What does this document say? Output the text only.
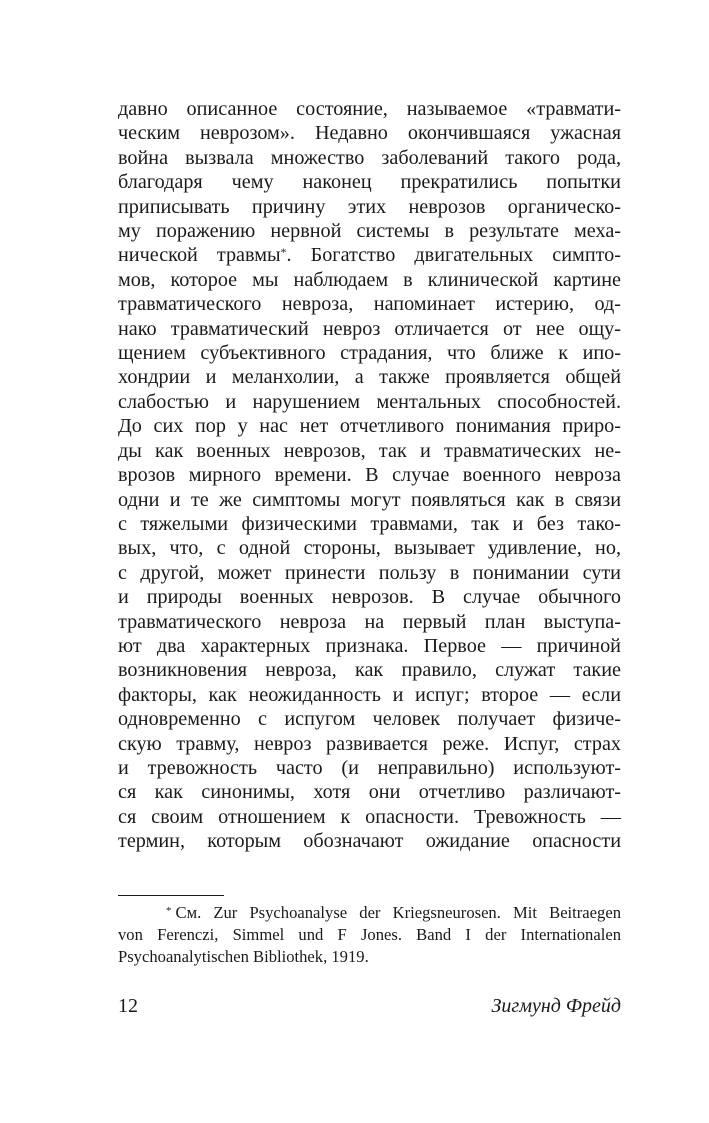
давно описанное состояние, называемое «травмати-
ческим неврозом». Недавно окончившаяся ужасная
война вызвала множество заболеваний такого рода,
благодаря чему наконец прекратились попытки
приписывать причину этих неврозов органическо-
му поражению нервной системы в результате меха-
нической травмы*. Богатство двигательных симпто-
мов, которое мы наблюдаем в клинической картине
травматического невроза, напоминает истерию, од-
нако травматический невроз отличается от нее ощу-
щением субъективного страдания, что ближе к ипо-
хондрии и меланхолии, а также проявляется общей
слабостью и нарушением ментальных способностей.
До сих пор у нас нет отчетливого понимания приро-
ды как военных неврозов, так и травматических не-
врозов мирного времени. В случае военного невроза
одни и те же симптомы могут появляться как в связи
с тяжелыми физическими травмами, так и без тако-
вых, что, с одной стороны, вызывает удивление, но,
с другой, может принести пользу в понимании сути
и природы военных неврозов. В случае обычного
травматического невроза на первый план выступа-
ют два характерных признака. Первое — причиной
возникновения невроза, как правило, служат такие
факторы, как неожиданность и испуг; второе — если
одновременно с испугом человек получает физиче-
скую травму, невроз развивается реже. Испуг, страх
и тревожность часто (и неправильно) используют-
ся как синонимы, хотя они отчетливо различают-
ся своим отношением к опасности. Тревожность —
термин, которым обозначают ожидание опасности

* См. Zur Psychoanalyse der Kriegsneurosen. Mit Beitraegen
von Ferenczi, Simmel und F Jones. Band I der Internationalen
Psychoanalytischen Bibliothek, 1919.
12	Зигмунд Фрейд
